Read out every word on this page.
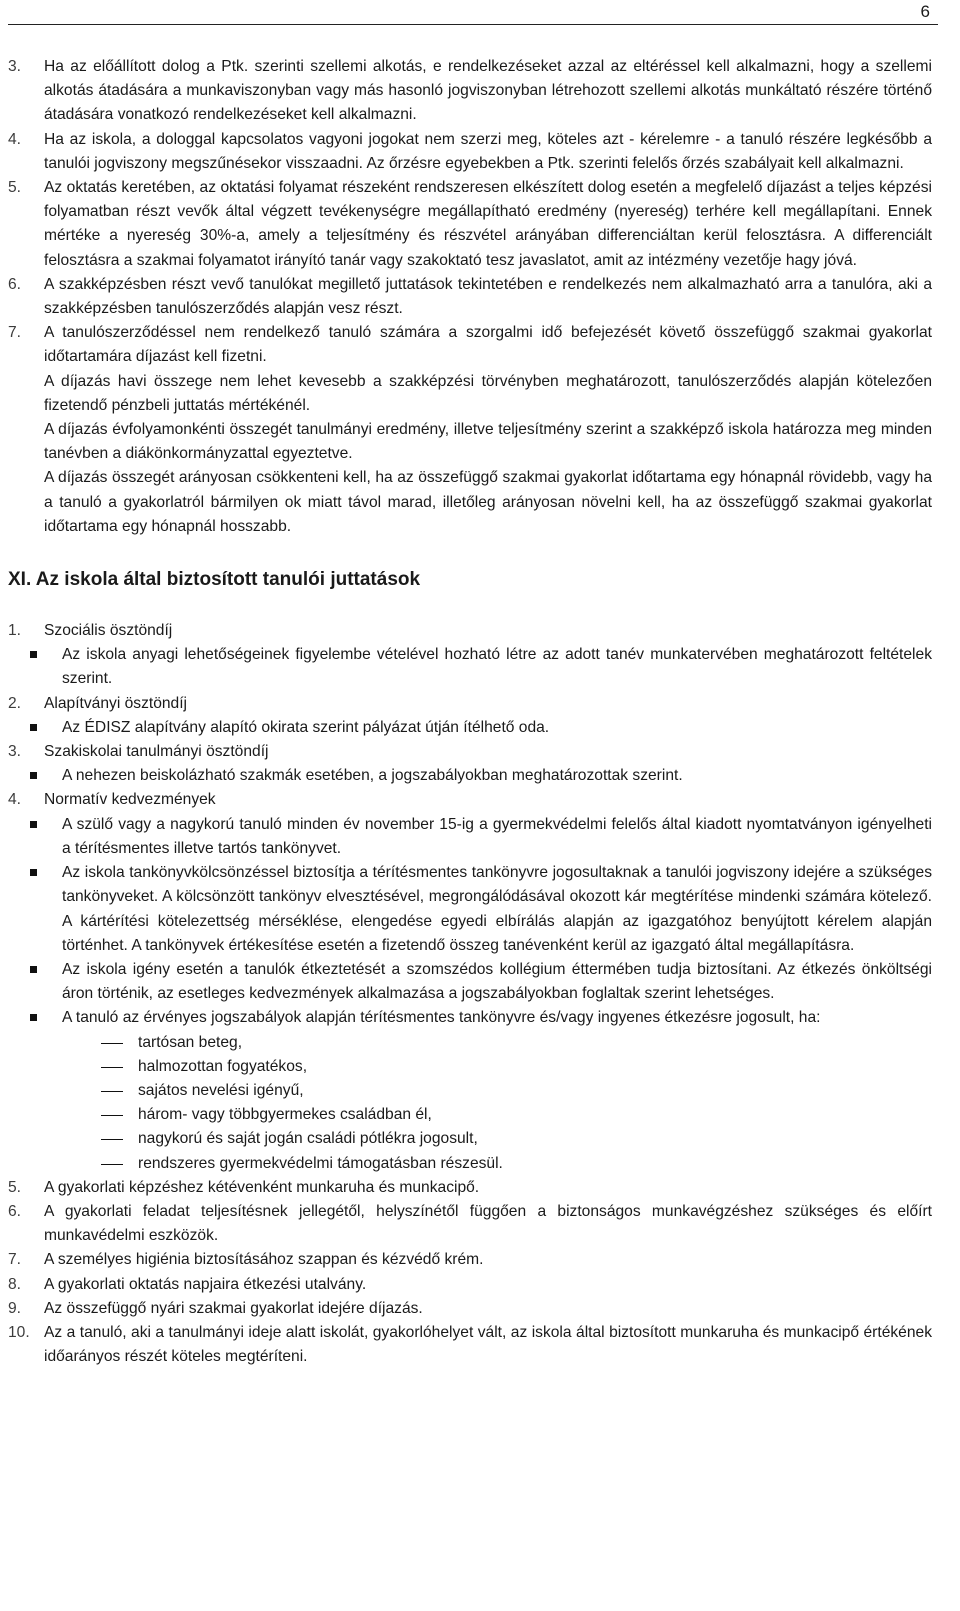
6
3.	Ha az előállított dolog a Ptk. szerinti szellemi alkotás, e rendelkezéseket azzal az eltéréssel kell alkalmazni, hogy a szellemi alkotás átadására a munkaviszonyban vagy más hasonló jogviszonyban létrehozott szellemi alkotás munkáltató részére történő átadására vonatkozó rendelkezéseket kell alkalmazni.
4.	Ha az iskola, a dologgal kapcsolatos vagyoni jogokat nem szerzi meg, köteles azt - kérelemre - a tanuló részére legkésőbb a tanulói jogviszony megszűnésekor visszaadni. Az őrzésre egyebekben a Ptk. szerinti felelős őrzés szabályait kell alkalmazni.
5.	Az oktatás keretében, az oktatási folyamat részeként rendszeresen elkészített dolog esetén a megfelelő díjazást a teljes képzési folyamatban részt vevők által végzett tevékenységre megállapítható eredmény (nyereség) terhére kell megállapítani. Ennek mértéke a nyereség 30%-a, amely a teljesítmény és részvétel arányában differenciáltan kerül felosztásra. A differenciált felosztásra a szakmai folyamatot irányító tanár vagy szakoktató tesz javaslatot, amit az intézmény vezetője hagy jóvá.
6.	A szakképzésben részt vevő tanulókat megillető juttatások tekintetében e rendelkezés nem alkalmazható arra a tanulóra, aki a szakképzésben tanulószerződés alapján vesz részt.
7.	A tanulószerződéssel nem rendelkező tanuló számára a szorgalmi idő befejezését követő összefüggő szakmai gyakorlat időtartamára díjazást kell fizetni.
A díjazás havi összege nem lehet kevesebb a szakképzési törvényben meghatározott, tanulószerződés alapján kötelezően fizetendő pénzbeli juttatás mértékénél.
A díjazás évfolyamonkénti összegét tanulmányi eredmény, illetve teljesítmény szerint a szakképző iskola határozza meg minden tanévben a diákönkormányzattal egyeztetve.
A díjazás összegét arányosan csökkenteni kell, ha az összefüggő szakmai gyakorlat időtartama egy hónapnál rövidebb, vagy ha a tanuló a gyakorlatról bármilyen ok miatt távol marad, illetőleg arányosan növelni kell, ha az összefüggő szakmai gyakorlat időtartama egy hónapnál hosszabb.
XI. Az iskola által biztosított tanulói juttatások
1.	Szociális ösztöndíj
Az iskola anyagi lehetőségeinek figyelembe vételével hozható létre az adott tanév munkatervében meghatározott feltételek szerint.
2.	Alapítványi ösztöndíj
Az ÉDISZ alapítvány alapító okirata szerint pályázat útján ítélhető oda.
3.	Szakiskolai tanulmányi ösztöndíj
A nehezen beiskolázható szakmák esetében, a jogszabályokban meghatározottak szerint.
4.	Normatív kedvezmények
A szülő vagy a nagykorú tanuló minden év november 15-ig a gyermekvédelmi felelős által kiadott nyomtatványon igényelheti a térítésmentes illetve tartós tankönyvet.
Az iskola tankönyvkölcsönzéssel biztosítja a térítésmentes tankönyvre jogosultaknak a tanulói jogviszony idejére a szükséges tankönyveket. A kölcsönzött tankönyv elvesztésével, megrongálódásával okozott kár megtérítése mindenki számára kötelező. A kártérítési kötelezettség mérséklése, elengedése egyedi elbírálás alapján az igazgatóhoz benyújtott kérelem alapján történhet. A tankönyvek értékesítése esetén a fizetendő összeg tanévenként kerül az igazgató által megállapításra.
Az iskola igény esetén a tanulók étkeztetését a szomszédos kollégium éttermében tudja biztosítani. Az étkezés önköltségi áron történik, az esetleges kedvezmények alkalmazása a jogszabályokban foglaltak szerint lehetséges.
A tanuló az érvényes jogszabályok alapján térítésmentes tankönyvre és/vagy ingyenes étkezésre jogosult, ha:
tartósan beteg,
halmozottan fogyatékos,
sajátos nevelési igényű,
három- vagy többgyermekes családban él,
nagykorú és saját jogán családi pótlékra jogosult,
rendszeres gyermekvédelmi támogatásban részesül.
5.	A gyakorlati képzéshez kétévenként munkaruha és munkacipő.
6.	A gyakorlati feladat teljesítésnek jellegétől, helyszínétől függően a biztonságos munkavégzéshez szükséges és előírt munkavédelmi eszközök.
7.	A személyes higiénia biztosításához szappan és kézvédő krém.
8.	A gyakorlati oktatás napjaira étkezési utalvány.
9.	Az összefüggő nyári szakmai gyakorlat idejére díjazás.
10. Az a tanuló, aki a tanulmányi ideje alatt iskolát, gyakorlóhelyet vált, az iskola által biztosított munkaruha és munkacipő értékének időarányos részét köteles megtéríteni.
